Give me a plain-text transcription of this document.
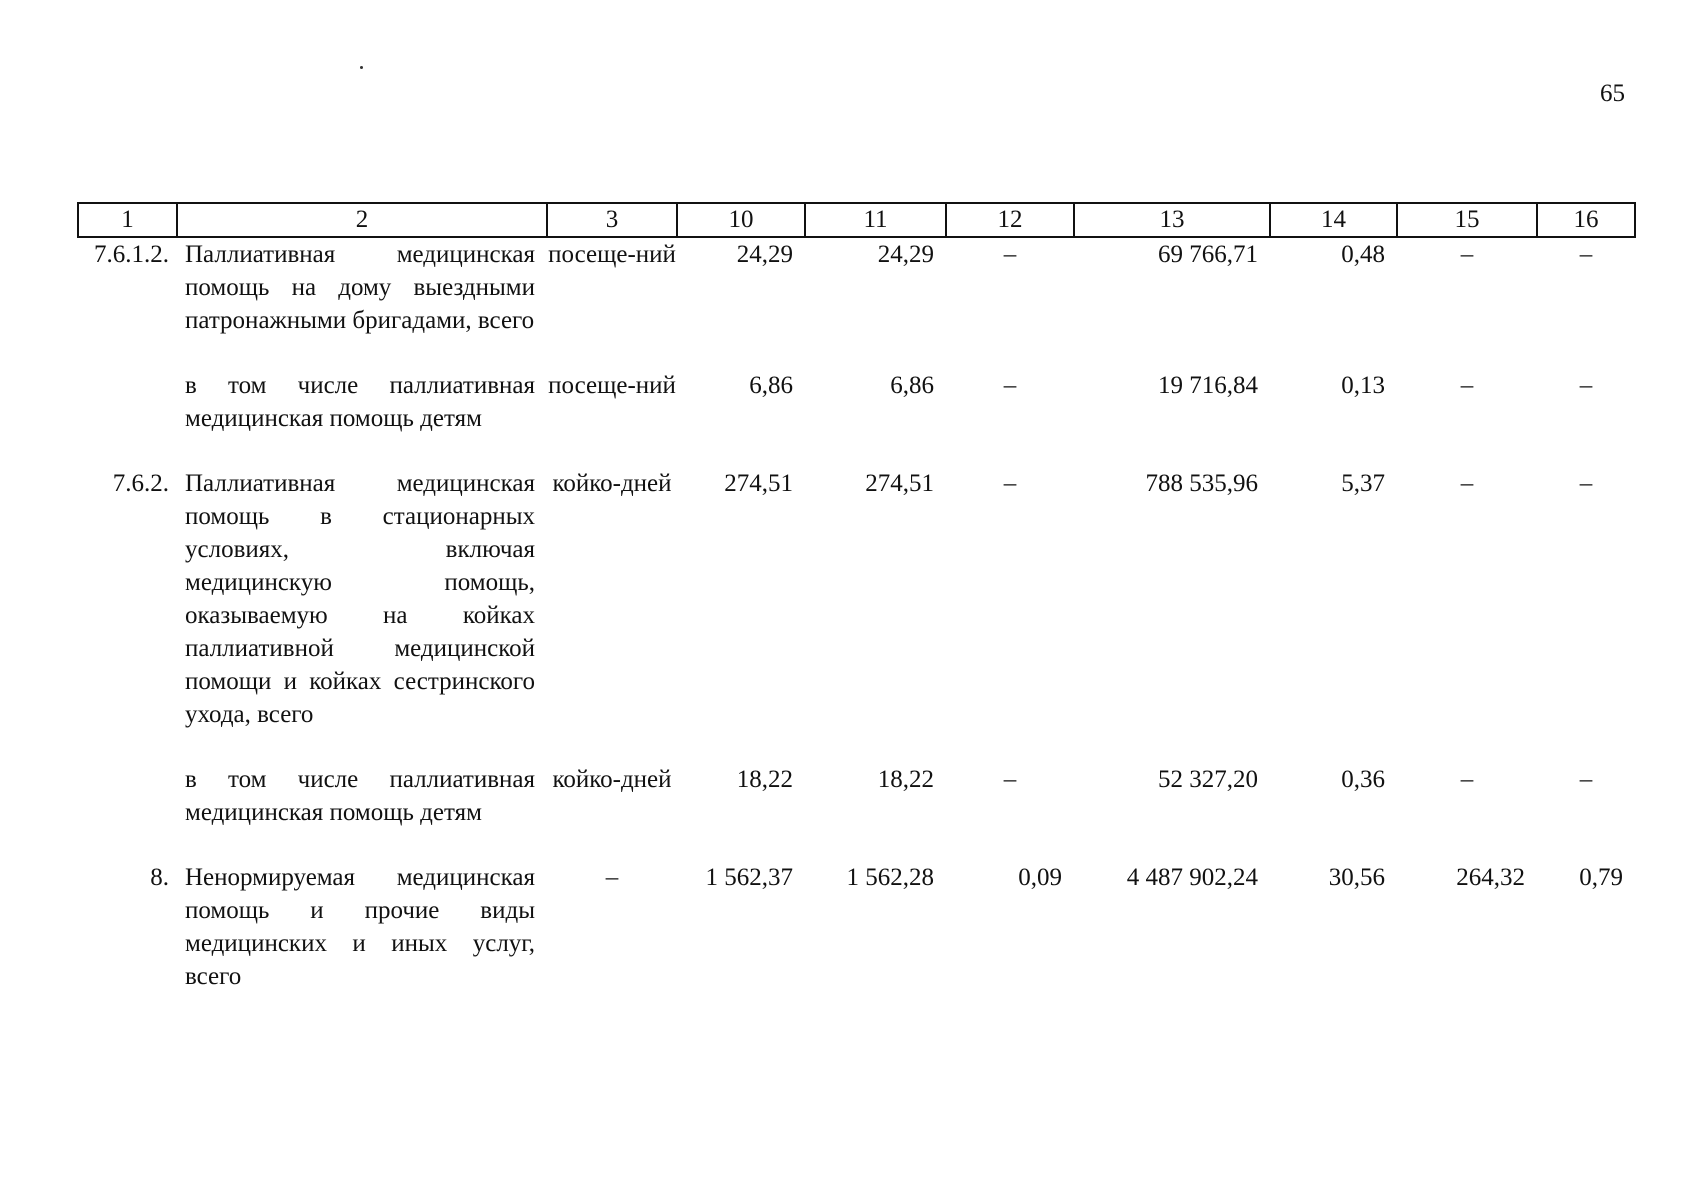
65
1	2	3	10	11	12	13	14	15	16
7.6.1.2.	Паллиативная медицинская помощь на дому выездными патронажными бригадами, всего	посеще-ний	24,29	24,29	–	69 766,71	0,48	–	–

	в том числе паллиативная медицинская помощь детям	посеще-ний	6,86	6,86	–	19 716,84	0,13	–	–

7.6.2.	Паллиативная медицинская помощь в стационарных условиях, включая медицинскую помощь, оказываемую на койках паллиативной медицинской помощи и койках сестринского ухода, всего	койко-дней	274,51	274,51	–	788 535,96	5,37	–	–

	в том числе паллиативная медицинская помощь детям	койко-дней	18,22	18,22	–	52 327,20	0,36	–	–

8.	Ненормируемая медицинская помощь и прочие виды медицинских и иных услуг, всего	–	1 562,37	1 562,28	0,09	4 487 902,24	30,56	264,32	0,79
